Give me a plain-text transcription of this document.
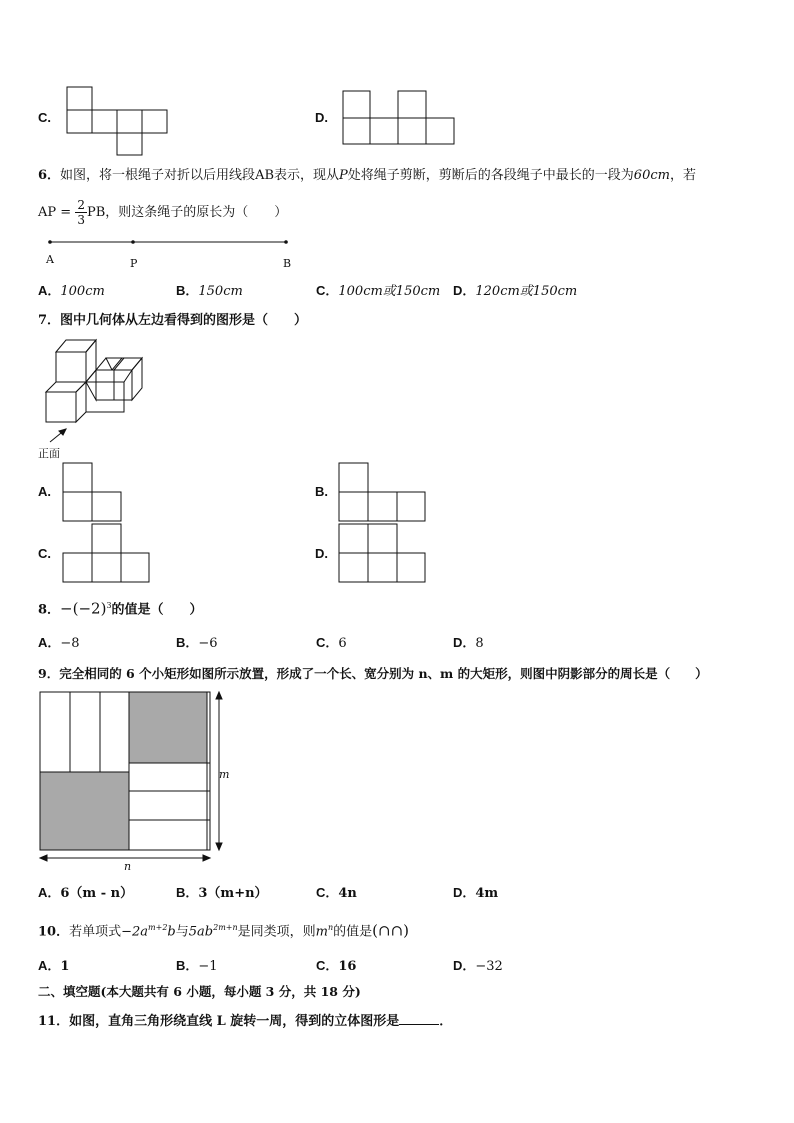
C.	D.
6．如图，将一根绳子对折以后用线段AB表示，现从P处将绳子剪断，剪断后的各段绳子中最长的一段为60cm，若
AP = $\frac{2}{3}$ PB，则这条绳子的原长为（　　）
A	P	B
A．100cm	B．150cm	C．100cm或150cm D．120cm或150cm
7．图中几何体从左边看得到的图形是（　　）
正面
A.	B.
C.	D.
8．$-(-2)^3$的值是（　　）
A．−8	B．−6	C．6	D．8
9．完全相同的 6 个小矩形如图所示放置，形成了一个长、宽分别为 n、m 的大矩形，则图中阴影部分的周长是（　　）
m
n
A．6（m - n）	B．3（m+n）	C．4n	D．4m
10．若单项式$-2a^{m+2}b$与$5ab^{2m+n}$是同类项，则$m^n$的值是(∩∩)
A．1	B．−1	C．16	D．−32
二、填空题(本大题共有 6 小题，每小题 3 分，共 18 分)
11．如图，直角三角形绕直线 L 旋转一周，得到的立体图形是	．
